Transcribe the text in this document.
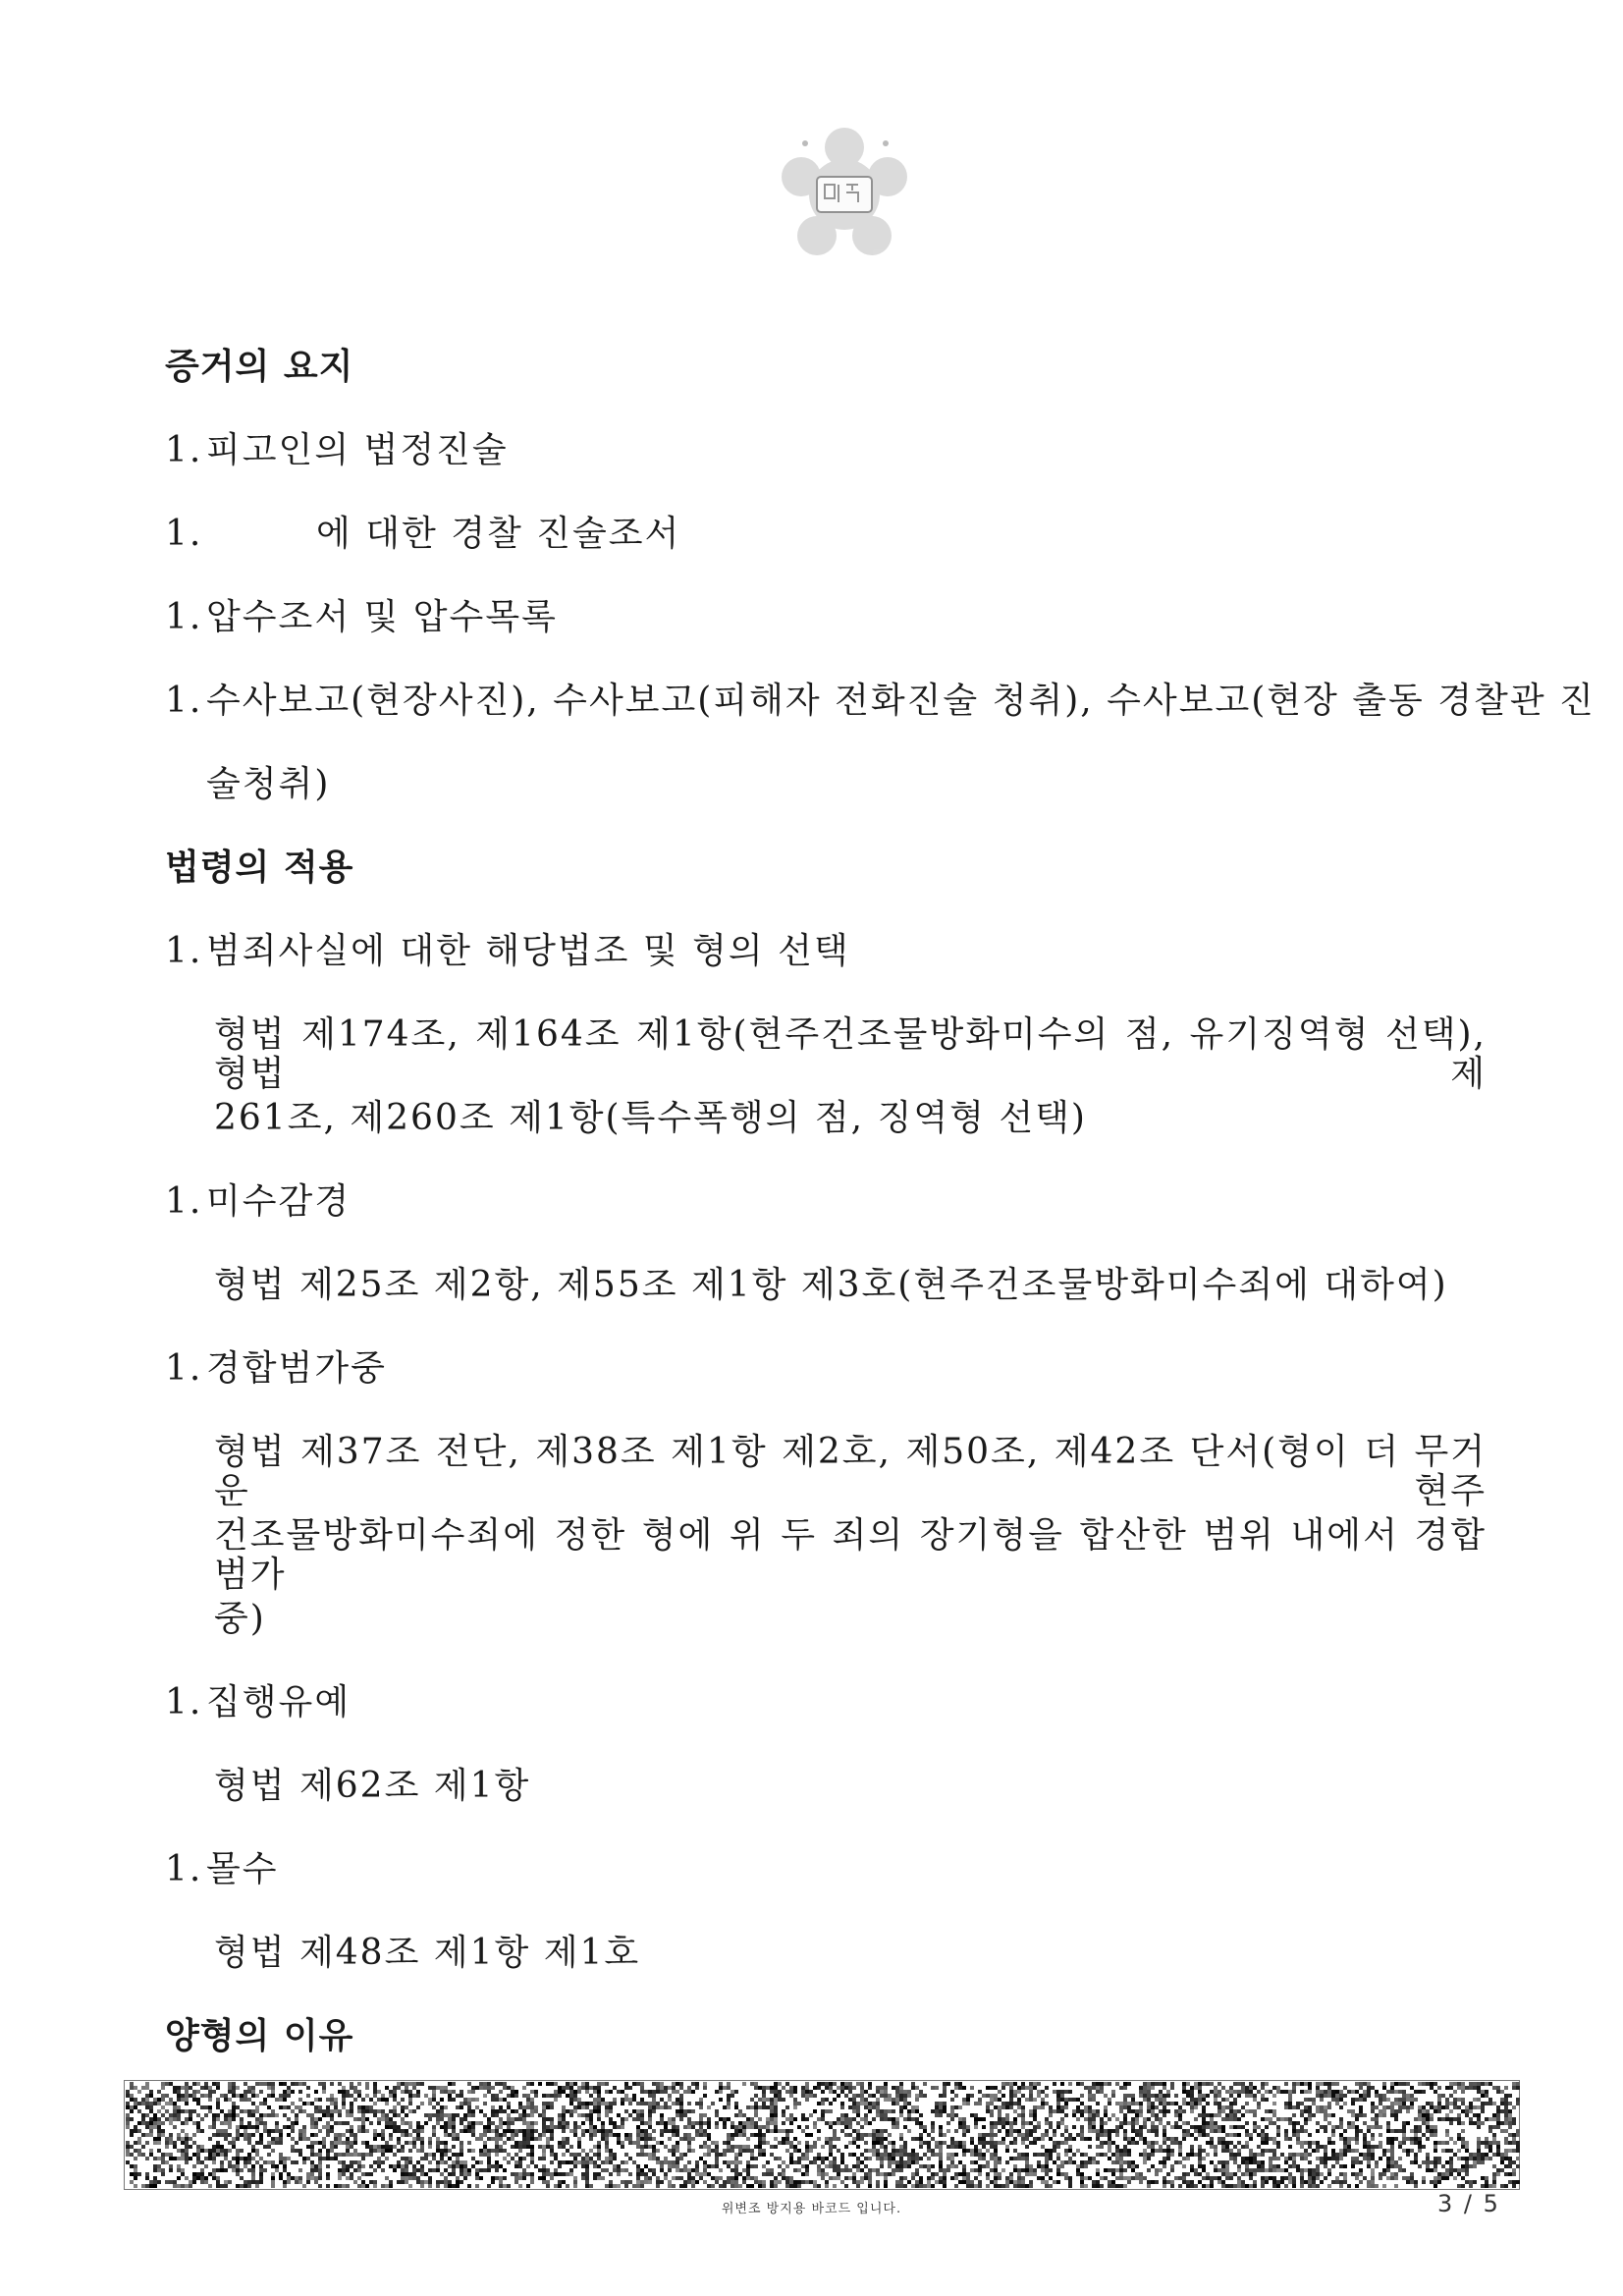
증거의 요지
1. 피고인의 법정진술
1.	에 대한 경찰 진술조서
1. 압수조서 및 압수목록
1. 수사보고(현장사진), 수사보고(피해자 전화진술 청취), 수사보고(현장 출동 경찰관 진
술청취)
법령의 적용
1. 범죄사실에 대한 해당법조 및 형의 선택
형법 제174조, 제164조 제1항(현주건조물방화미수의 점, 유기징역형 선택), 형법 제
261조, 제260조 제1항(특수폭행의 점, 징역형 선택)
1. 미수감경
형법 제25조 제2항, 제55조 제1항 제3호(현주건조물방화미수죄에 대하여)
1. 경합범가중
형법 제37조 전단, 제38조 제1항 제2호, 제50조, 제42조 단서(형이 더 무거운 현주
건조물방화미수죄에 정한 형에 위 두 죄의 장기형을 합산한 범위 내에서 경합범가
중)
1. 집행유예
형법 제62조 제1항
1. 몰수
형법 제48조 제1항 제1호
양형의 이유
위변조 방지용 바코드 입니다.	3 / 5
